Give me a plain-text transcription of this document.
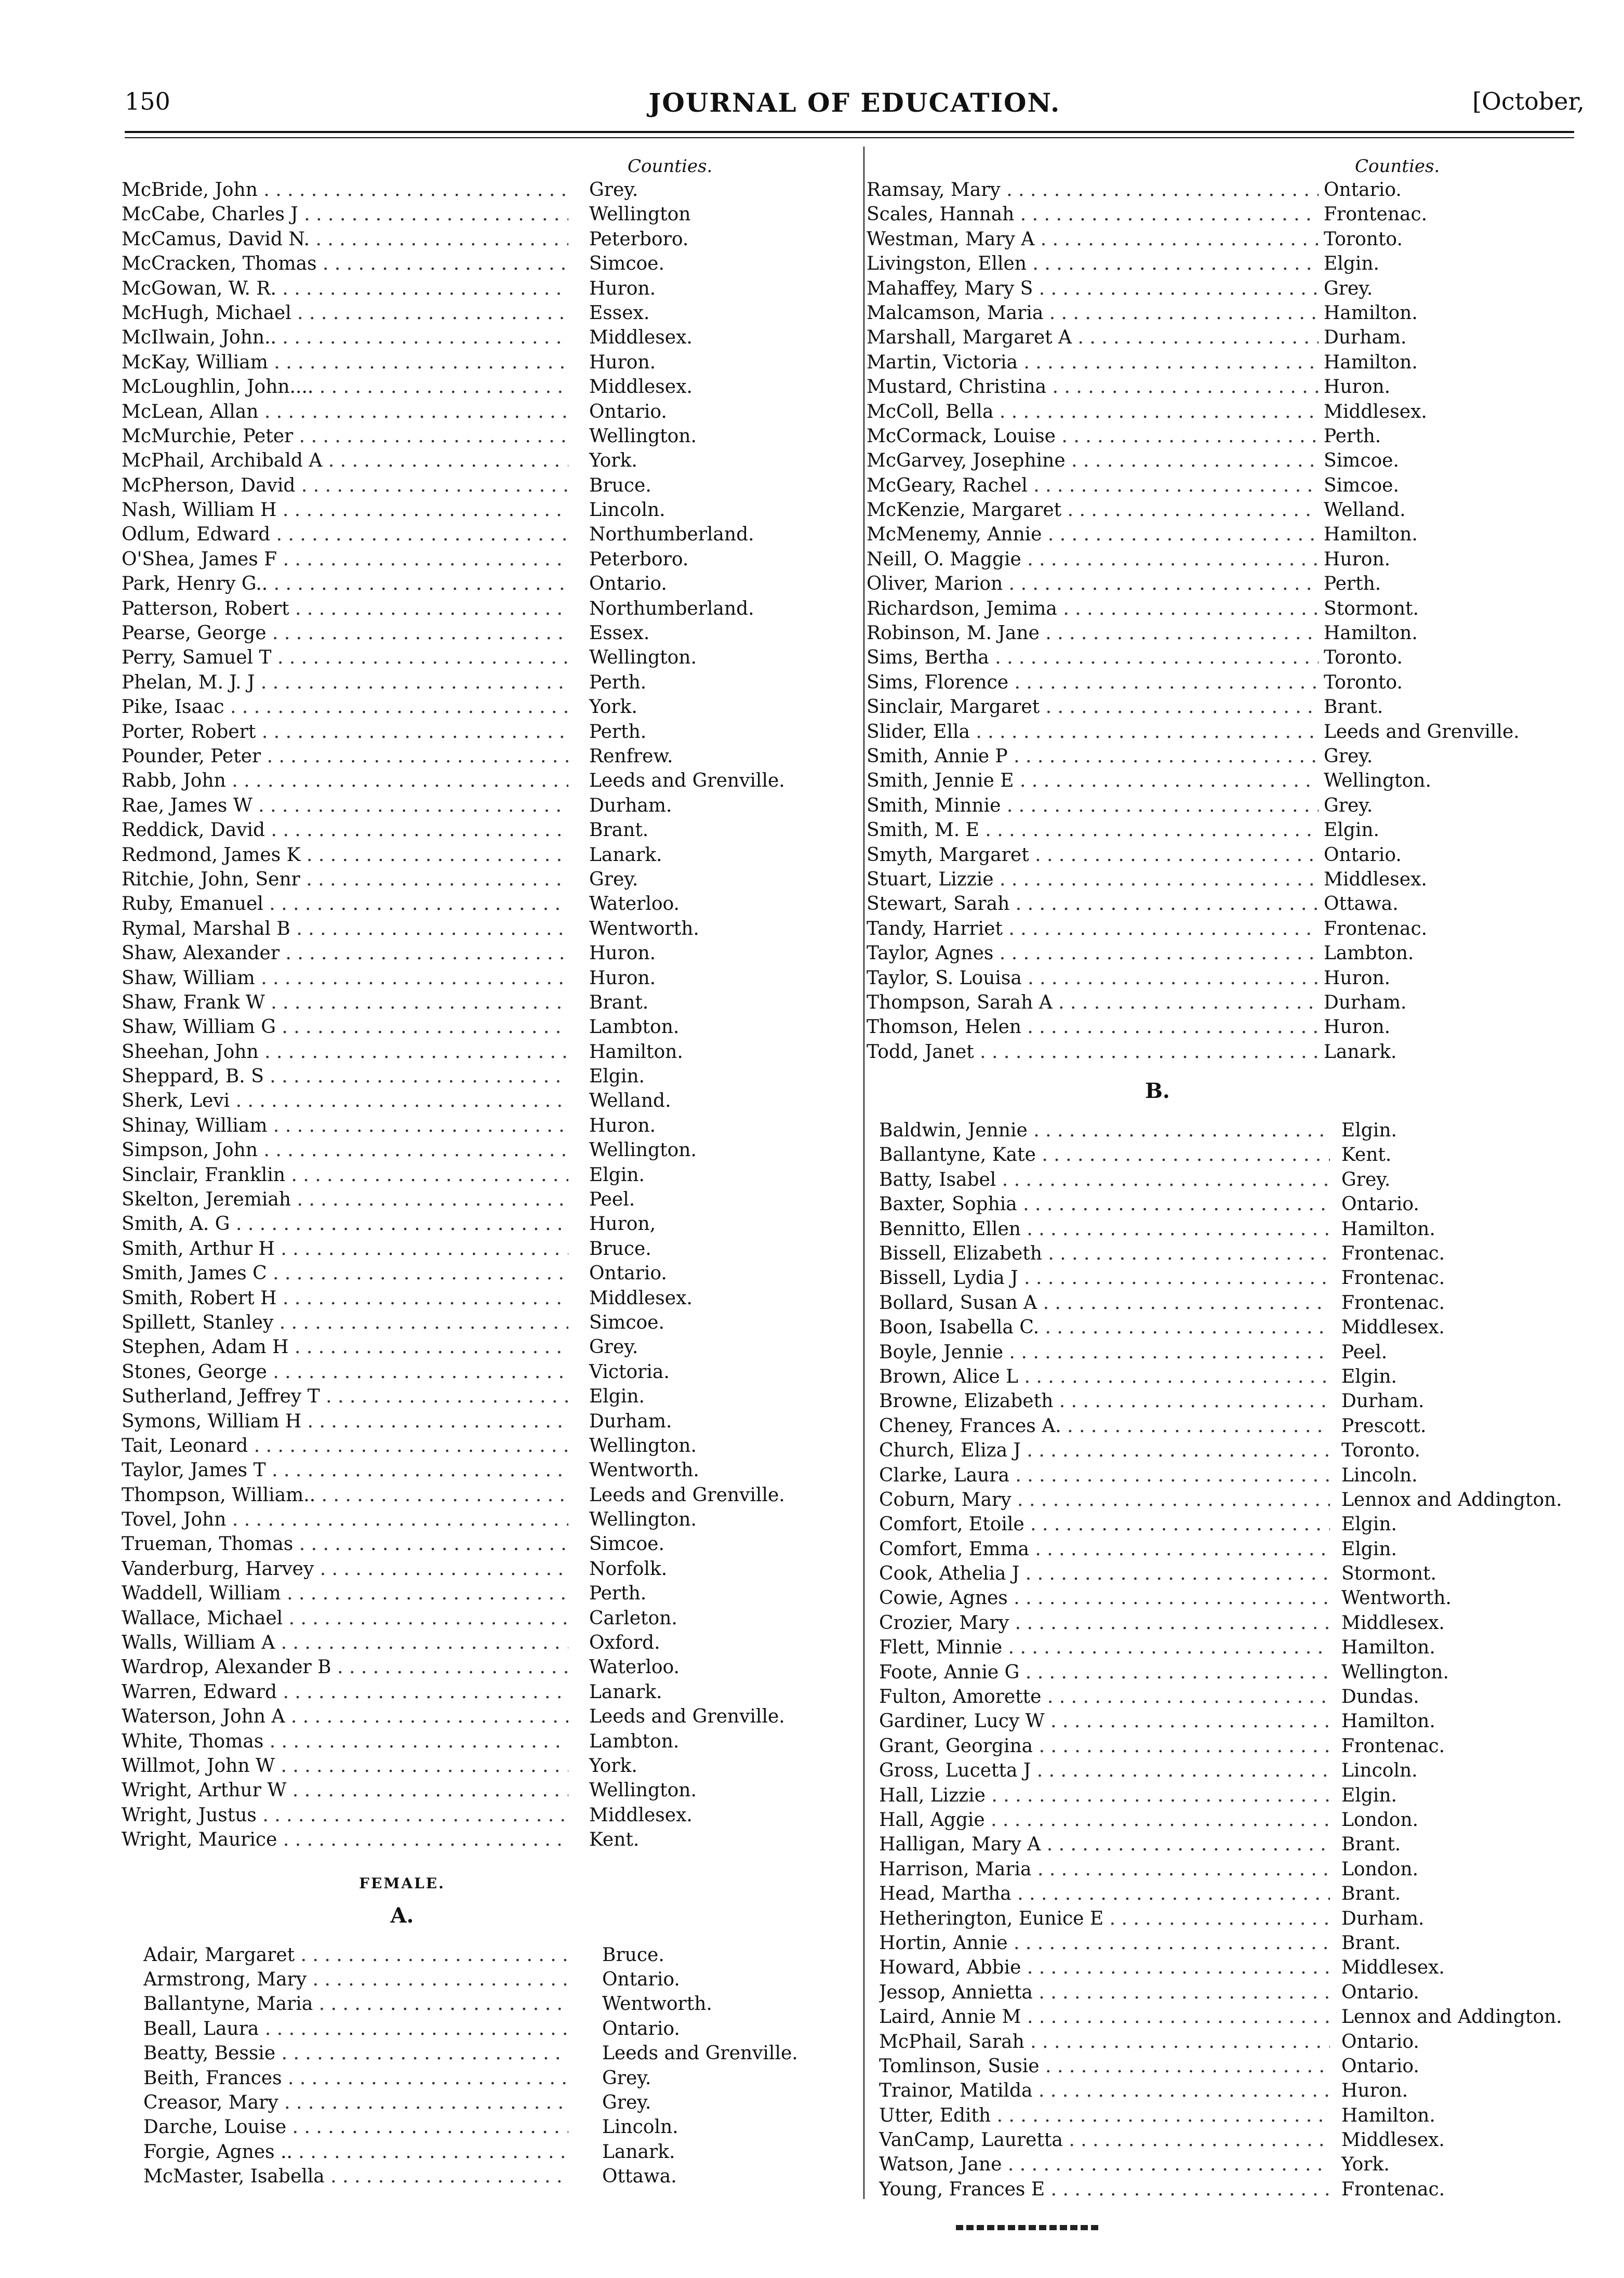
150	JOURNAL OF EDUCATION.	[October,
Counties.
McBride, John . . .	Grey.
McCabe, Charles J . . .	Wellington
McCamus, David N. . . .	Peterboro.
McCracken, Thomas . . .	Simcoe.
McGowan, W. R. . . .	Huron.
McHugh, Michael . . .	Essex.
McIlwain, John.. . . .	Middlesex.
McKay, William . . .	Huron.
McLoughlin, John.... . . .	Middlesex.
McLean, Allan . . .	Ontario.
McMurchie, Peter . . .	Wellington.
McPhail, Archibald A . . .	York.
McPherson, David . . .	Bruce.
Nash, William H . . .	Lincoln.
Odlum, Edward . . .	Northumberland.
O'Shea, James F . . .	Peterboro.
Park, Henry G.. . . .	Ontario.
Patterson, Robert . . .	Northumberland.
Pearse, George . . .	Essex.
Perry, Samuel T . . .	Wellington.
Phelan, M. J. J . . .	Perth.
Pike, Isaac . . .	York.
Porter, Robert . . .	Perth.
Pounder, Peter . . .	Renfrew.
Rabb, John . . .	Leeds and Grenville.
Rae, James W . . .	Durham.
Reddick, David . . .	Brant.
Redmond, James K . . .	Lanark.
Ritchie, John, Senr . . .	Grey.
Ruby, Emanuel . . .	Waterloo.
Rymal, Marshal B . . .	Wentworth.
Shaw, Alexander . . .	Huron.
Shaw, William . . .	Huron.
Shaw, Frank W . . .	Brant.
Shaw, William G . . .	Lambton.
Sheehan, John . . .	Hamilton.
Sheppard, B. S . . .	Elgin.
Sherk, Levi . . .	Welland.
Shinay, William . . .	Huron.
Simpson, John . . .	Wellington.
Sinclair, Franklin . . .	Elgin.
Skelton, Jeremiah . . .	Peel.
Smith, A. G . . .	Huron,
Smith, Arthur H . . .	Bruce.
Smith, James C . . .	Ontario.
Smith, Robert H . . .	Middlesex.
Spillett, Stanley . . .	Simcoe.
Stephen, Adam H . . .	Grey.
Stones, George . . .	Victoria.
Sutherland, Jeffrey T . . .	Elgin.
Symons, William H . . .	Durham.
Tait, Leonard . . .	Wellington.
Taylor, James T . . .	Wentworth.
Thompson, William.. . . .	Leeds and Grenville.
Tovel, John . . .	Wellington.
Trueman, Thomas . . .	Simcoe.
Vanderburg, Harvey . . .	Norfolk.
Waddell, William . . .	Perth.
Wallace, Michael . . .	Carleton.
Walls, William A . . .	Oxford.
Wardrop, Alexander B . . .	Waterloo.
Warren, Edward . . .	Lanark.
Waterson, John A . . .	Leeds and Grenville.
White, Thomas . . .	Lambton.
Willmot, John W . . .	York.
Wright, Arthur W . . .	Wellington.
Wright, Justus . . .	Middlesex.
Wright, Maurice . . .	Kent.
FEMALE.
A.
Adair, Margaret . . .	Bruce.
Armstrong, Mary . . .	Ontario.
Ballantyne, Maria . . .	Wentworth.
Beall, Laura . . .	Ontario.
Beatty, Bessie . . .	Leeds and Grenville.
Beith, Frances . . .	Grey.
Creasor, Mary . . .	Grey.
Darche, Louise . . .	Lincoln.
Forgie, Agnes .. . . .	Lanark.
McMaster, Isabella . . .	Ottawa.
Counties.
Ramsay, Mary . . .	Ontario.
Scales, Hannah . . .	Frontenac.
Westman, Mary A . . .	Toronto.
Livingston, Ellen . . .	Elgin.
Mahaffey, Mary S . . .	Grey.
Malcamson, Maria . . .	Hamilton.
Marshall, Margaret A . . .	Durham.
Martin, Victoria . . .	Hamilton.
Mustard, Christina . . .	Huron.
McColl, Bella . . .	Middlesex.
McCormack, Louise . . .	Perth.
McGarvey, Josephine . . .	Simcoe.
McGeary, Rachel . . .	Simcoe.
McKenzie, Margaret . . .	Welland.
McMenemy, Annie . . .	Hamilton.
Neill, O. Maggie . . .	Huron.
Oliver, Marion . . .	Perth.
Richardson, Jemima . . .	Stormont.
Robinson, M. Jane . . .	Hamilton.
Sims, Bertha . . .	Toronto.
Sims, Florence . . .	Toronto.
Sinclair, Margaret . . .	Brant.
Slider, Ella . . .	Leeds and Grenville.
Smith, Annie P . . .	Grey.
Smith, Jennie E . . .	Wellington.
Smith, Minnie . . .	Grey.
Smith, M. E . . .	Elgin.
Smyth, Margaret . . .	Ontario.
Stuart, Lizzie . . .	Middlesex.
Stewart, Sarah . . .	Ottawa.
Tandy, Harriet . . .	Frontenac.
Taylor, Agnes . . .	Lambton.
Taylor, S. Louisa . . .	Huron.
Thompson, Sarah A . . .	Durham.
Thomson, Helen . . .	Huron.
Todd, Janet . . .	Lanark.
B.
Baldwin, Jennie . . .	Elgin.
Ballantyne, Kate . . .	Kent.
Batty, Isabel . . .	Grey.
Baxter, Sophia . . .	Ontario.
Bennitto, Ellen . . .	Hamilton.
Bissell, Elizabeth . . .	Frontenac.
Bissell, Lydia J . . .	Frontenac.
Bollard, Susan A . . .	Frontenac.
Boon, Isabella C. . . .	Middlesex.
Boyle, Jennie . . .	Peel.
Brown, Alice L . . .	Elgin.
Browne, Elizabeth . . .	Durham.
Cheney, Frances A. . . .	Prescott.
Church, Eliza J . . .	Toronto.
Clarke, Laura . . .	Lincoln.
Coburn, Mary . . .	Lennox and Addington.
Comfort, Etoile . . .	Elgin.
Comfort, Emma . . .	Elgin.
Cook, Athelia J . . .	Stormont.
Cowie, Agnes . . .	Wentworth.
Crozier, Mary . . .	Middlesex.
Flett, Minnie . . .	Hamilton.
Foote, Annie G . . .	Wellington.
Fulton, Amorette . . .	Dundas.
Gardiner, Lucy W . . .	Hamilton.
Grant, Georgina . . .	Frontenac.
Gross, Lucetta J . . .	Lincoln.
Hall, Lizzie . . .	Elgin.
Hall, Aggie . . .	London.
Halligan, Mary A . . .	Brant.
Harrison, Maria . . .	London.
Head, Martha . . .	Brant.
Hetherington, Eunice E . . .	Durham.
Hortin, Annie . . .	Brant.
Howard, Abbie . . .	Middlesex.
Jessop, Annietta . . .	Ontario.
Laird, Annie M . . .	Lennox and Addington.
McPhail, Sarah . . .	Ontario.
Tomlinson, Susie . . .	Ontario.
Trainor, Matilda . . .	Huron.
Utter, Edith . . .	Hamilton.
VanCamp, Lauretta . . .	Middlesex.
Watson, Jane . . .	York.
Young, Frances E . . .	Frontenac.
